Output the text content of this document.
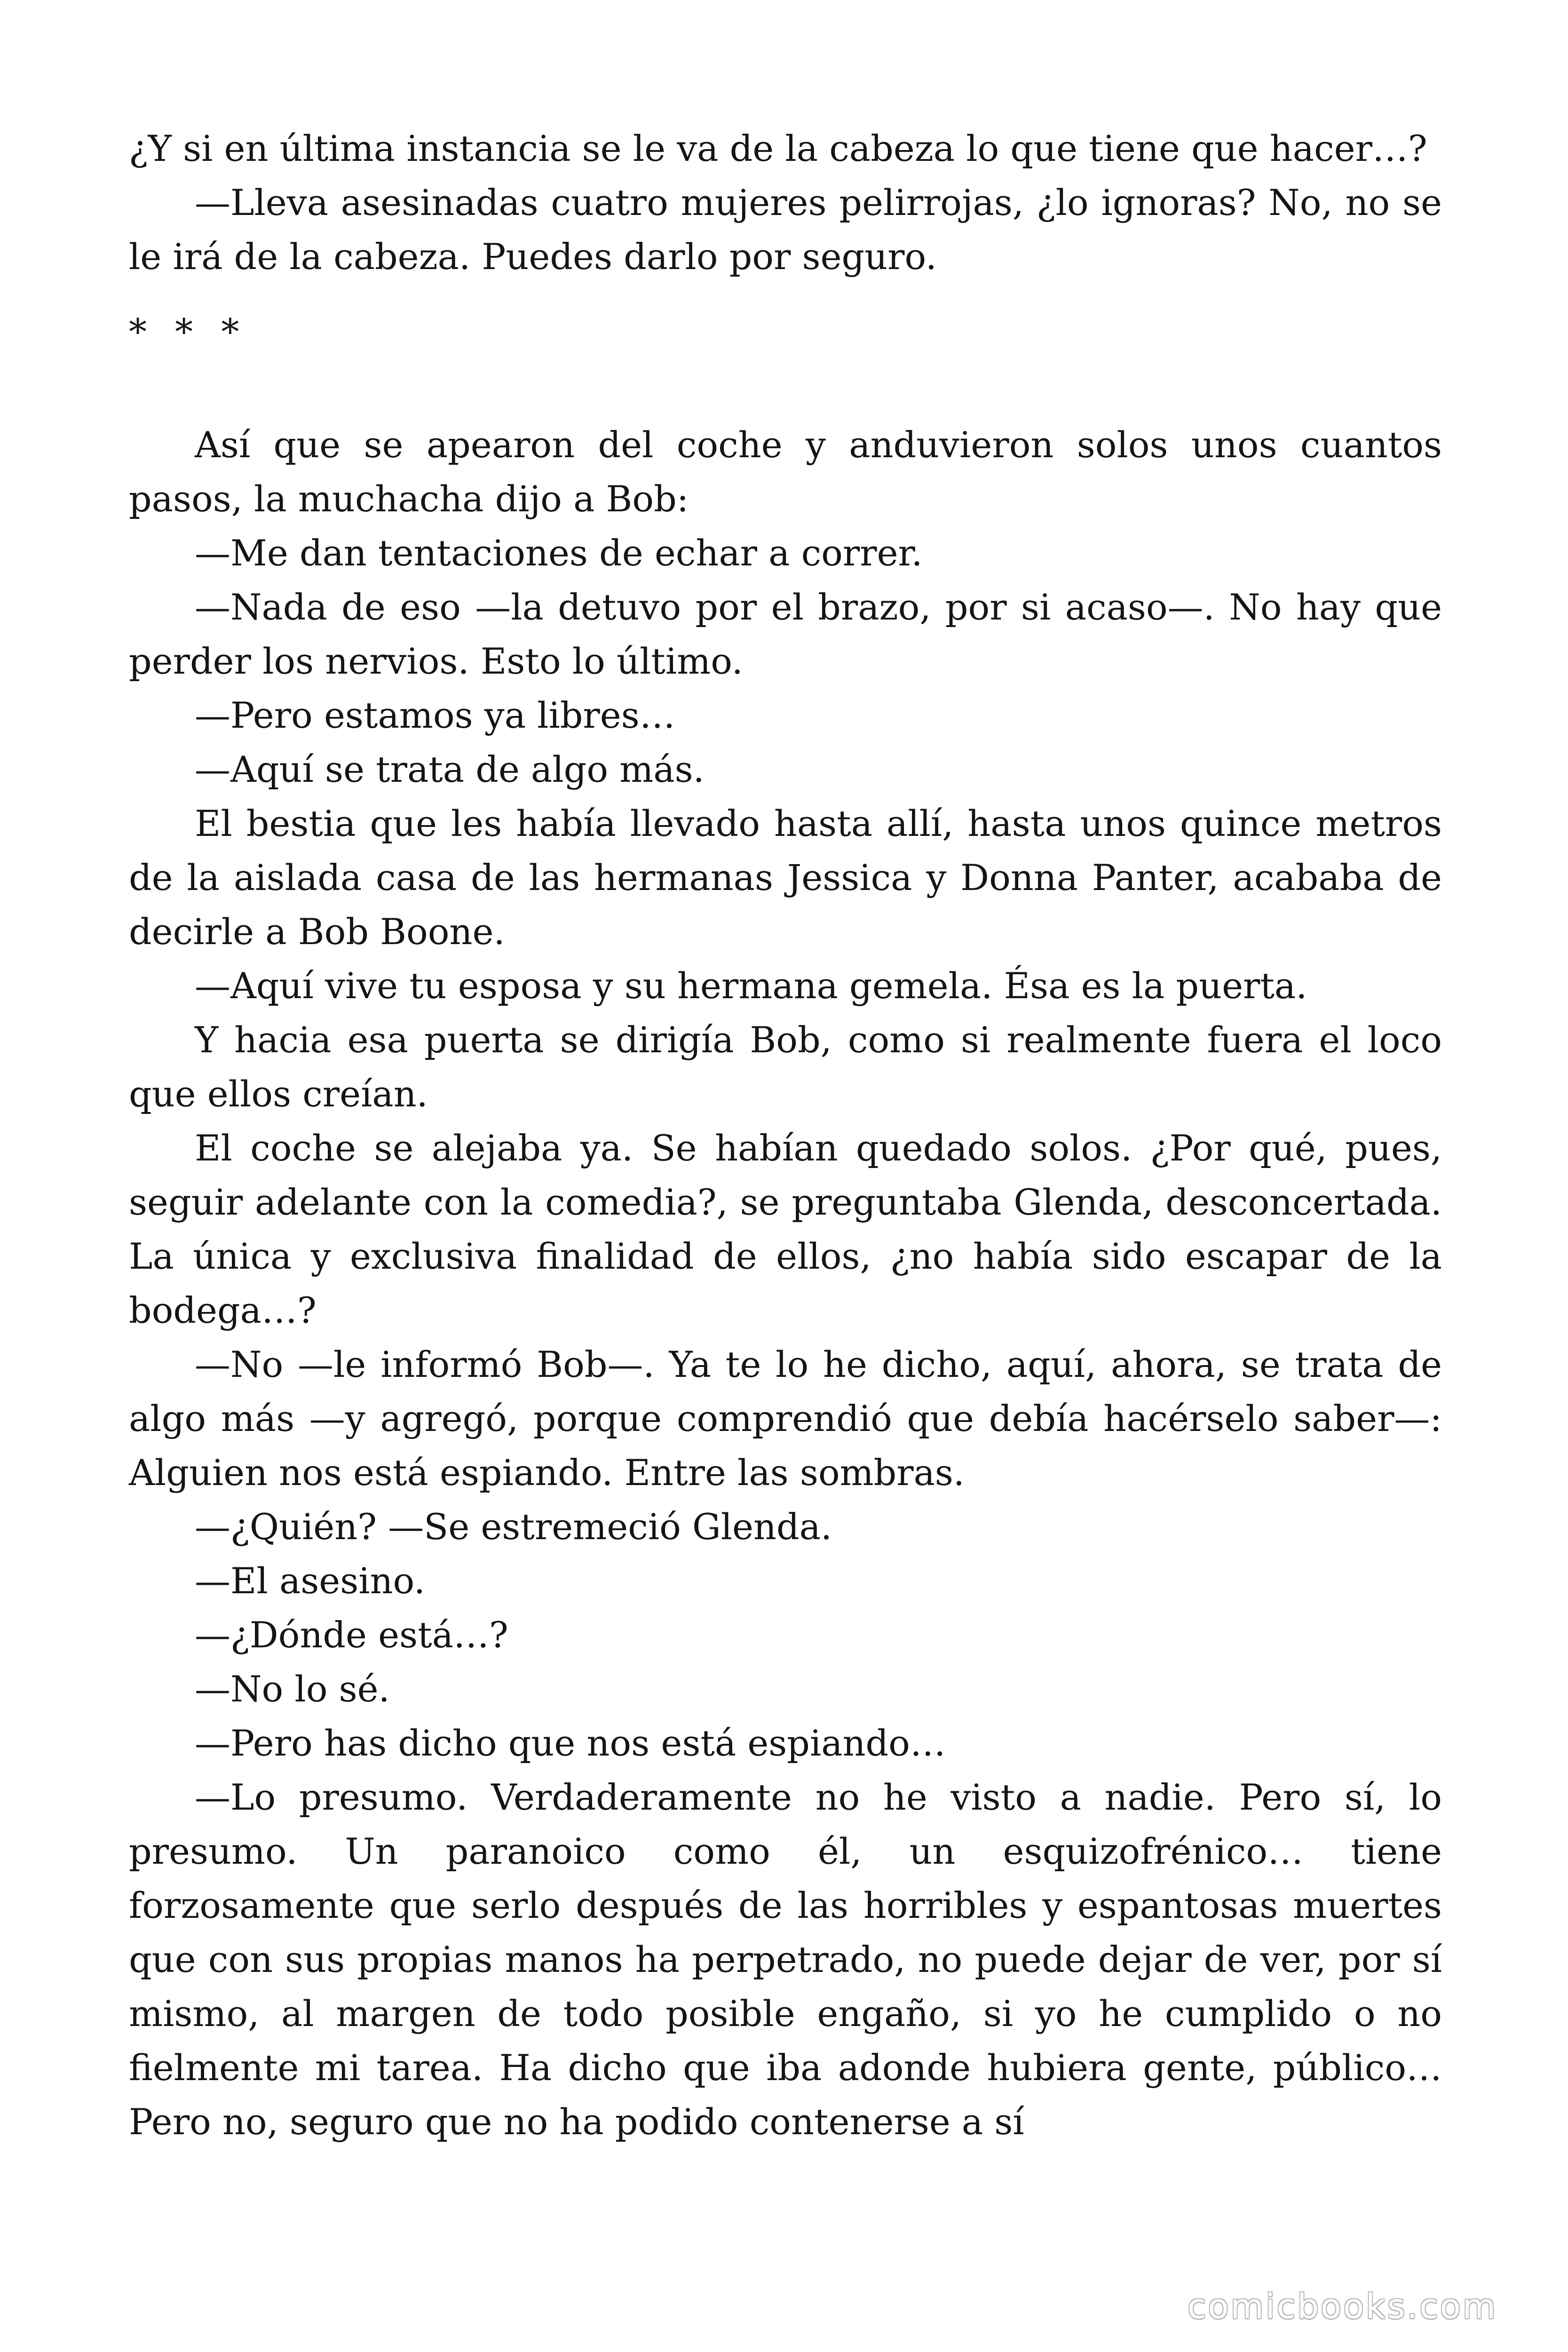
¿Y si en última instancia se le va de la cabeza lo que tiene que hacer…?

—Lleva asesinadas cuatro mujeres pelirrojas, ¿lo ignoras? No, no se le irá de la cabeza. Puedes darlo por seguro.

* * *

Así que se apearon del coche y anduvieron solos unos cuantos pasos, la muchacha dijo a Bob:

—Me dan tentaciones de echar a correr.

—Nada de eso —la detuvo por el brazo, por si acaso—. No hay que perder los nervios. Esto lo último.

—Pero estamos ya libres…

—Aquí se trata de algo más.

El bestia que les había llevado hasta allí, hasta unos quince metros de la aislada casa de las hermanas Jessica y Donna Panter, acababa de decirle a Bob Boone.

—Aquí vive tu esposa y su hermana gemela. Ésa es la puerta.

Y hacia esa puerta se dirigía Bob, como si realmente fuera el loco que ellos creían.

El coche se alejaba ya. Se habían quedado solos. ¿Por qué, pues, seguir adelante con la comedia?, se preguntaba Glenda, desconcertada. La única y exclusiva finalidad de ellos, ¿no había sido escapar de la bodega…?

—No —le informó Bob—. Ya te lo he dicho, aquí, ahora, se trata de algo más —y agregó, porque comprendió que debía hacérselo saber—: Alguien nos está espiando. Entre las sombras.

—¿Quién? —Se estremeció Glenda.

—El asesino.

—¿Dónde está…?

—No lo sé.

—Pero has dicho que nos está espiando…

—Lo presumo. Verdaderamente no he visto a nadie. Pero sí, lo presumo. Un paranoico como él, un esquizofrénico… tiene forzosamente que serlo después de las horribles y espantosas muertes que con sus propias manos ha perpetrado, no puede dejar de ver, por sí mismo, al margen de todo posible engaño, si yo he cumplido o no fielmente mi tarea. Ha dicho que iba adonde hubiera gente, público… Pero no, seguro que no ha podido contenerse a sí

comicbooks.com
